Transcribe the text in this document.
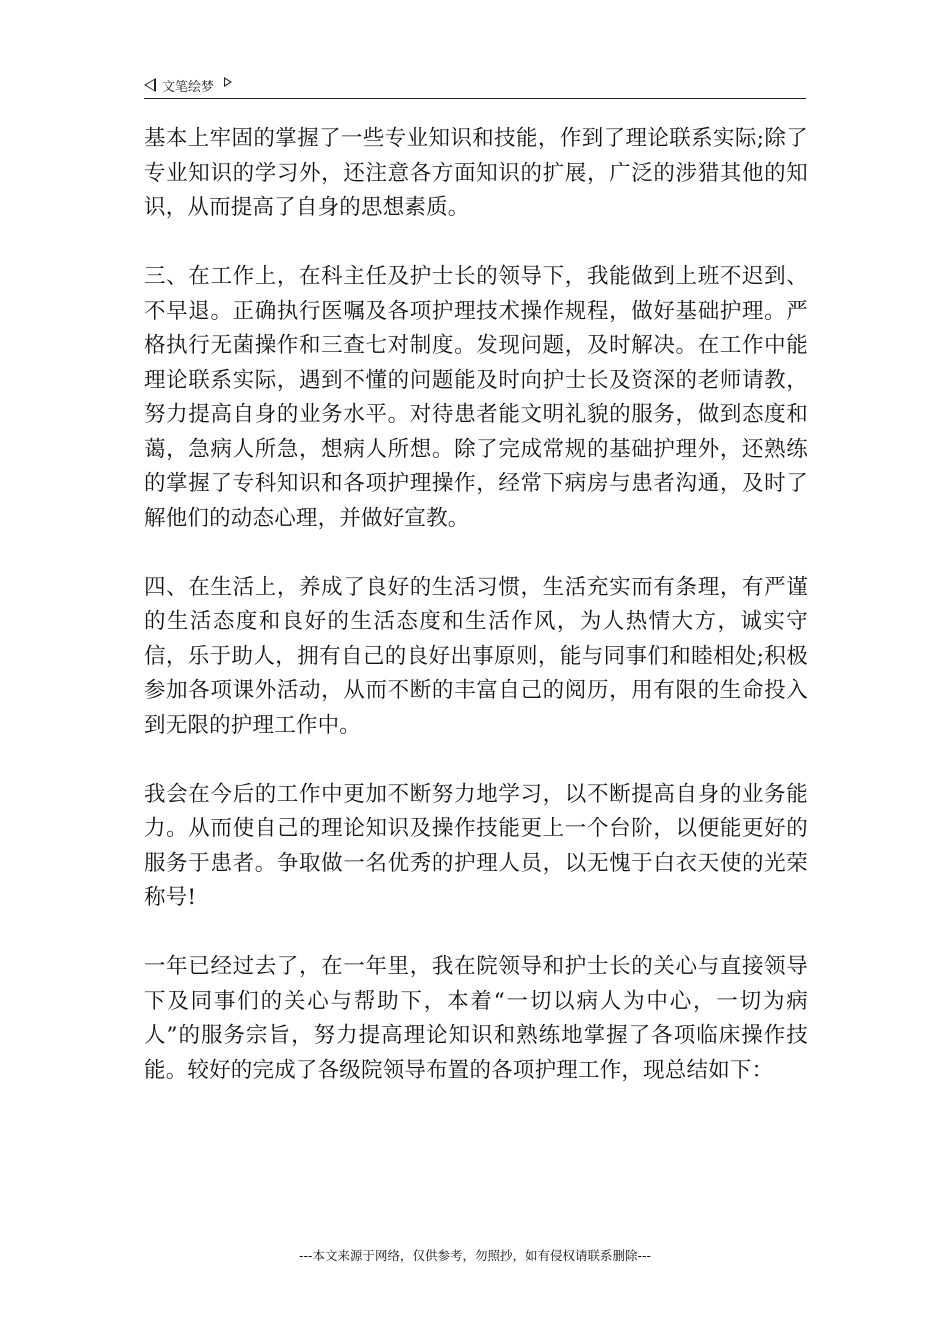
文笔绘梦

基本上牢固的掌握了一些专业知识和技能，作到了理论联系实际;除了专业知识的学习外，还注意各方面知识的扩展，广泛的涉猎其他的知识，从而提高了自身的思想素质。

三、在工作上，在科主任及护士长的领导下，我能做到上班不迟到、不早退。正确执行医嘱及各项护理技术操作规程，做好基础护理。严格执行无菌操作和三查七对制度。发现问题，及时解决。在工作中能理论联系实际，遇到不懂的问题能及时向护士长及资深的老师请教，努力提高自身的业务水平。对待患者能文明礼貌的服务，做到态度和蔼，急病人所急，想病人所想。除了完成常规的基础护理外，还熟练的掌握了专科知识和各项护理操作，经常下病房与患者沟通，及时了解他们的动态心理，并做好宣教。

四、在生活上，养成了良好的生活习惯，生活充实而有条理，有严谨的生活态度和良好的生活态度和生活作风，为人热情大方，诚实守信，乐于助人，拥有自己的良好出事原则，能与同事们和睦相处;积极参加各项课外活动，从而不断的丰富自己的阅历，用有限的生命投入到无限的护理工作中。

我会在今后的工作中更加不断努力地学习，以不断提高自身的业务能力。从而使自己的理论知识及操作技能更上一个台阶，以便能更好的服务于患者。争取做一名优秀的护理人员，以无愧于白衣天使的光荣称号!

一年已经过去了，在一年里，我在院领导和护士长的关心与直接领导下及同事们的关心与帮助下，本着“一切以病人为中心，一切为病人”的服务宗旨，努力提高理论知识和熟练地掌握了各项临床操作技能。较好的完成了各级院领导布置的各项护理工作，现总结如下：

---本文来源于网络，仅供参考，勿照抄，如有侵权请联系删除---
